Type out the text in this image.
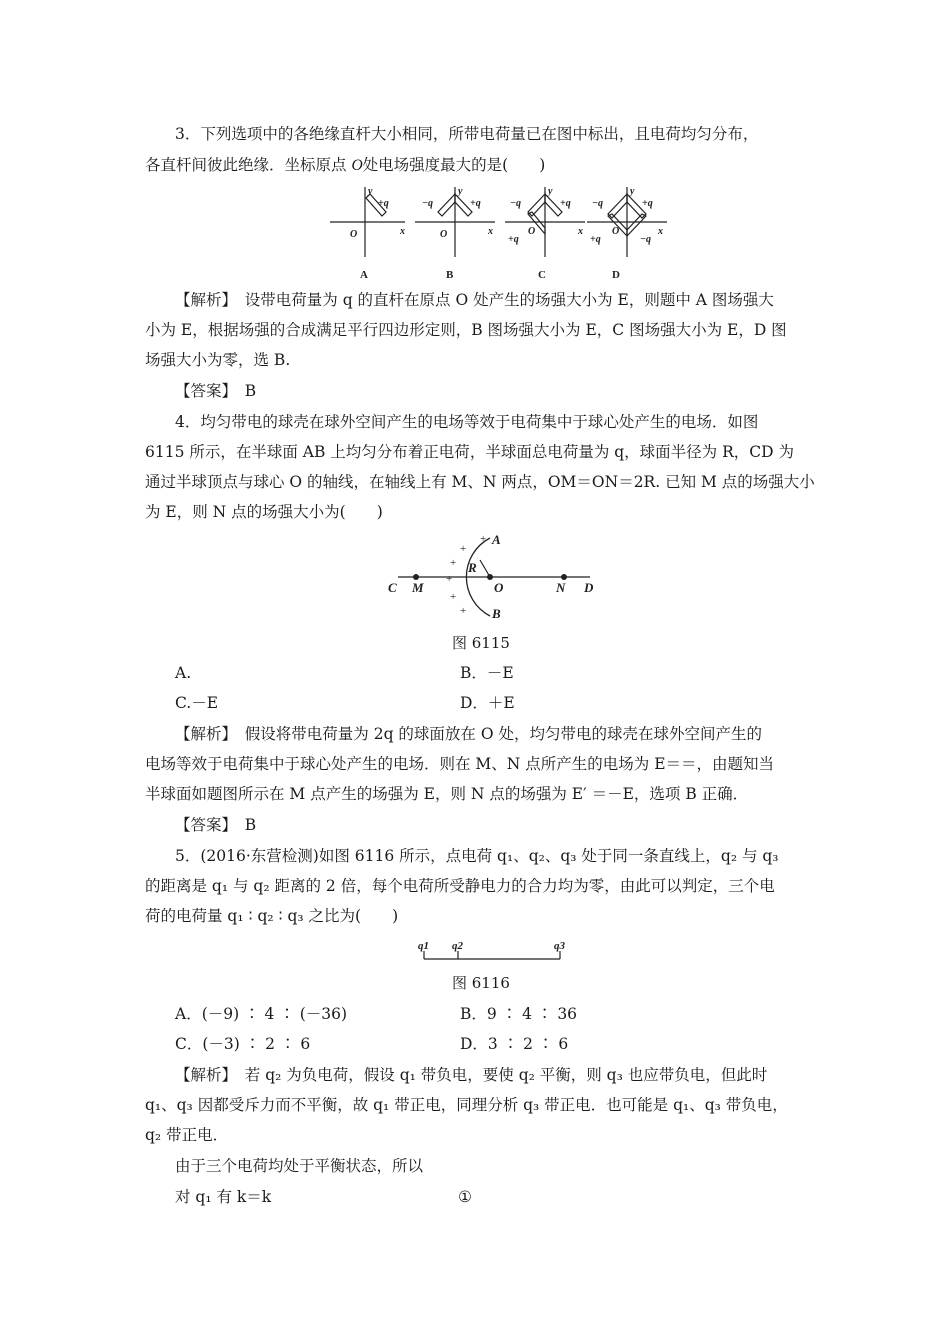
3．下列选项中的各绝缘直杆大小相同，所带电荷量已在图中标出，且电荷均匀分布，
各直杆间彼此绝缘．坐标原点 O处电场强度最大的是(　　)
y
x
O
+q
y
x
O
−q	+q
y
x
O
−q	+q
+q
y
x
O
−q	+q
+q	−q
A	B	C	D
【解析】　 设带电荷量为 q 的直杆在原点 O 处产生的场强大小为 E，则题中 A 图场强大
小为 E，根据场强的合成满足平行四边形定则，B 图场强大小为 E，C 图场强大小为 E，D 图
场强大小为零，选 B.
【答案】　 B
4．均匀带电的球壳在球外空间产生的电场等效于电荷集中于球心处产生的电场．如图
6115 所示，在半球面 AB 上均匀分布着正电荷，半球面总电荷量为 q，球面半径为 R，CD 为
通过半球顶点与球心 O 的轴线，在轴线上有 M、N 两点，OM＝ON＝2R. 已知 M 点的场强大小
为 E，则 N 点的场强大小为(　　)
C M	O	N D
A
B
R
+
+
+
+
+
+
图 6115
A.	B．－E
C.－E	D．＋E
【解析】　 假设将带电荷量为 2q 的球面放在 O 处，均匀带电的球壳在球外空间产生的
电场等效于电荷集中于球心处产生的电场．则在 M、N 点所产生的电场为 E＝＝，由题知当
半球面如题图所示在 M 点产生的场强为 E，则 N 点的场强为 E′ ＝－E，选项 B 正确．
【答案】　 B
5．(2016·东营检测)如图 6116 所示，点电荷 q₁、q₂、q₃ 处于同一条直线上，q₂ 与 q₃
的距离是 q₁ 与 q₂ 距离的 2 倍，每个电荷所受静电力的合力均为零，由此可以判定，三个电
荷的电荷量 q₁ ∶ q₂ ∶ q₃ 之比为(　　)
q1 q2	q3
图 6116
A．(－9) ∶ 4 ∶ (－36)	B．9 ∶ 4 ∶ 36
C．(－3) ∶ 2 ∶ 6	D．3 ∶ 2 ∶ 6
【解析】　 若 q₂ 为负电荷，假设 q₁ 带负电，要使 q₂ 平衡，则 q₃ 也应带负电，但此时
q₁、q₃ 因都受斥力而不平衡，故 q₁ 带正电，同理分析 q₃ 带正电．也可能是 q₁、q₃ 带负电，
q₂ 带正电．
由于三个电荷均处于平衡状态，所以
对 q₁ 有 k＝k	①
